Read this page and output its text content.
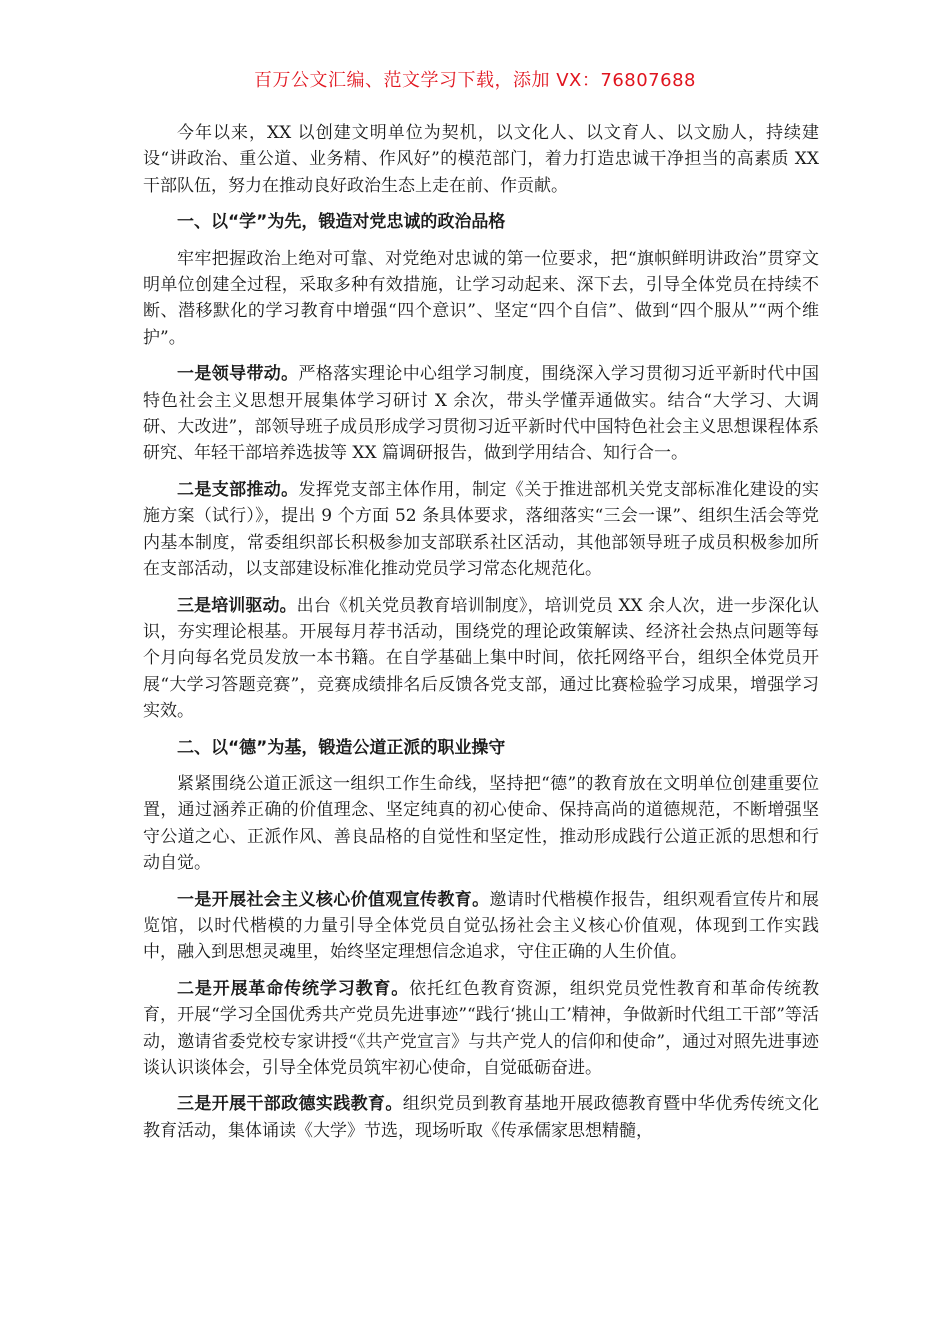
百万公文汇编、范文学习下载，添加 VX：76807688

今年以来，XX 以创建文明单位为契机，以文化人、以文育人、以文励人，持续建设“讲政治、重公道、业务精、作风好”的模范部门，着力打造忠诚干净担当的高素质 XX 干部队伍，努力在推动良好政治生态上走在前、作贡献。

一、以“学”为先，锻造对党忠诚的政治品格

牢牢把握政治上绝对可靠、对党绝对忠诚的第一位要求，把“旗帜鲜明讲政治”贯穿文明单位创建全过程，采取多种有效措施，让学习动起来、深下去，引导全体党员在持续不断、潜移默化的学习教育中增强“四个意识”、坚定“四个自信”、做到“四个服从”“两个维护”。

一是领导带动。严格落实理论中心组学习制度，围绕深入学习贯彻习近平新时代中国特色社会主义思想开展集体学习研讨 X 余次，带头学懂弄通做实。结合“大学习、大调研、大改进”，部领导班子成员形成学习贯彻习近平新时代中国特色社会主义思想课程体系研究、年轻干部培养选拔等 XX 篇调研报告，做到学用结合、知行合一。

二是支部推动。发挥党支部主体作用，制定《关于推进部机关党支部标准化建设的实施方案（试行）》，提出 9 个方面 52 条具体要求，落细落实“三会一课”、组织生活会等党内基本制度，常委组织部长积极参加支部联系社区活动，其他部领导班子成员积极参加所在支部活动，以支部建设标准化推动党员学习常态化规范化。

三是培训驱动。出台《机关党员教育培训制度》，培训党员 XX 余人次，进一步深化认识，夯实理论根基。开展每月荐书活动，围绕党的理论政策解读、经济社会热点问题等每个月向每名党员发放一本书籍。在自学基础上集中时间，依托网络平台，组织全体党员开展“大学习答题竞赛”，竞赛成绩排名后反馈各党支部，通过比赛检验学习成果，增强学习实效。

二、以“德”为基，锻造公道正派的职业操守

紧紧围绕公道正派这一组织工作生命线，坚持把“德”的教育放在文明单位创建重要位置，通过涵养正确的价值理念、坚定纯真的初心使命、保持高尚的道德规范，不断增强坚守公道之心、正派作风、善良品格的自觉性和坚定性，推动形成践行公道正派的思想和行动自觉。

一是开展社会主义核心价值观宣传教育。邀请时代楷模作报告，组织观看宣传片和展览馆，以时代楷模的力量引导全体党员自觉弘扬社会主义核心价值观，体现到工作实践中，融入到思想灵魂里，始终坚定理想信念追求，守住正确的人生价值。

二是开展革命传统学习教育。依托红色教育资源，组织党员党性教育和革命传统教育，开展“学习全国优秀共产党员先进事迹”“践行‘挑山工’精神，争做新时代组工干部”等活动，邀请省委党校专家讲授“《共产党宣言》与共产党人的信仰和使命”，通过对照先进事迹谈认识谈体会，引导全体党员筑牢初心使命，自觉砥砺奋进。

三是开展干部政德实践教育。组织党员到教育基地开展政德教育暨中华优秀传统文化教育活动，集体诵读《大学》节选，现场听取《传承儒家思想精髓，
